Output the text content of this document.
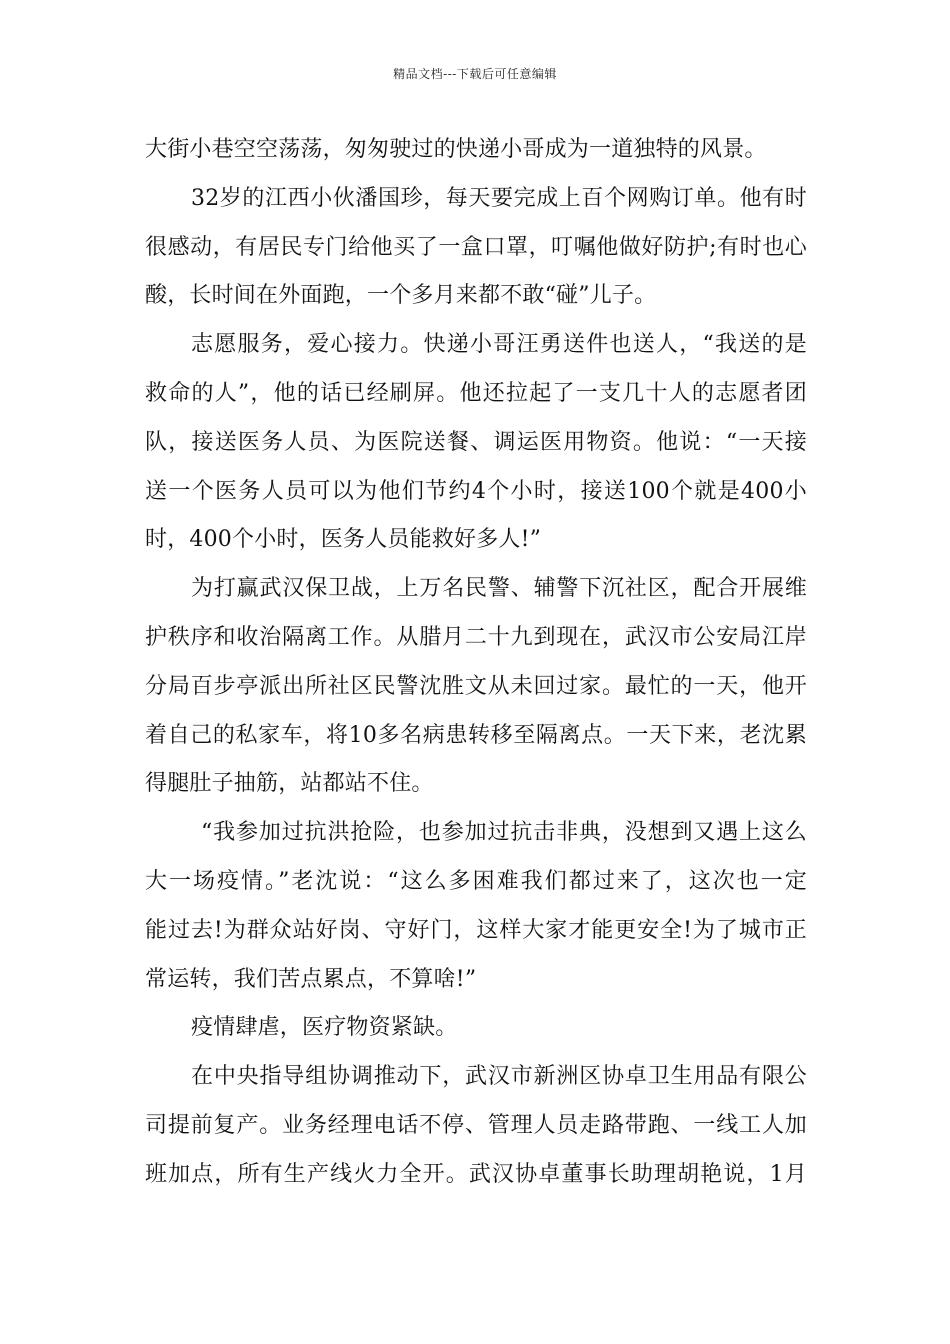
精品文档---下载后可任意编辑
大街小巷空空荡荡，匆匆驶过的快递小哥成为一道独特的风景。
32岁的江西小伙潘国珍，每天要完成上百个网购订单。他有时
很感动，有居民专门给他买了一盒口罩，叮嘱他做好防护;有时也心
酸，长时间在外面跑，一个多月来都不敢“碰”儿子。
志愿服务，爱心接力。快递小哥汪勇送件也送人，“我送的是
救命的人”，他的话已经刷屏。他还拉起了一支几十人的志愿者团
队，接送医务人员、为医院送餐、调运医用物资。他说：“一天接
送一个医务人员可以为他们节约4个小时，接送100个就是400小
时，400个小时，医务人员能救好多人!”
为打赢武汉保卫战，上万名民警、辅警下沉社区，配合开展维
护秩序和收治隔离工作。从腊月二十九到现在，武汉市公安局江岸
分局百步亭派出所社区民警沈胜文从未回过家。最忙的一天，他开
着自己的私家车，将10多名病患转移至隔离点。一天下来，老沈累
得腿肚子抽筋，站都站不住。
“我参加过抗洪抢险，也参加过抗击非典，没想到又遇上这么
大一场疫情。”老沈说：“这么多困难我们都过来了，这次也一定
能过去!为群众站好岗、守好门，这样大家才能更安全!为了城市正
常运转，我们苦点累点，不算啥!”
疫情肆虐，医疗物资紧缺。
在中央指导组协调推动下，武汉市新洲区协卓卫生用品有限公
司提前复产。业务经理电话不停、管理人员走路带跑、一线工人加
班加点，所有生产线火力全开。武汉协卓董事长助理胡艳说，1月
